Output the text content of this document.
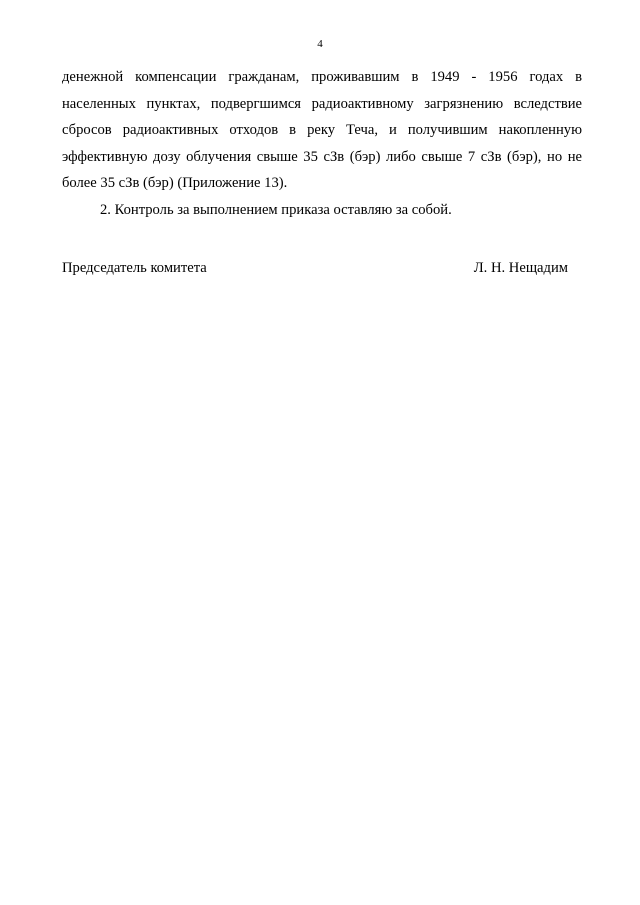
4

денежной компенсации гражданам, проживавшим в 1949 - 1956 годах в населенных пунктах, подвергшимся радиоактивному загрязнению вследствие сбросов радиоактивных отходов в реку Теча, и получившим накопленную эффективную дозу облучения свыше 35 сЗв (бэр) либо свыше 7 сЗв (бэр), но не более 35 сЗв (бэр) (Приложение 13).

2. Контроль за выполнением приказа оставляю за собой.

Председатель комитета	Л. Н. Нещадим
